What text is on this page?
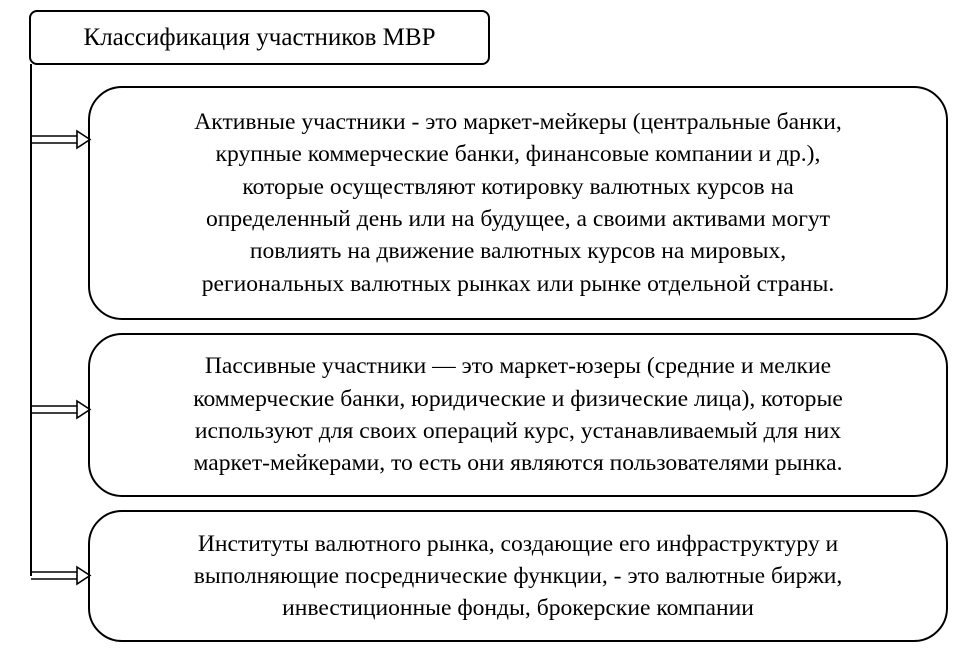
Классификация участников МВР
Активные участники - это маркет-мейкеры (центральные банки,
крупные коммерческие банки, финансовые компании и др.),
которые осуществляют котировку валютных курсов на
определенный день или на будущее, а своими активами могут
повлиять на движение валютных курсов на мировых,
региональных валютных рынках или рынке отдельной страны.
Пассивные участники — это маркет-юзеры (средние и мелкие
коммерческие банки, юридические и физические лица), которые
используют для своих операций курс, устанавливаемый для них
маркет-мейкерами, то есть они являются пользователями рынка.
Институты валютного рынка, создающие его инфраструктуру и
выполняющие посреднические функции, - это валютные биржи,
инвестиционные фонды, брокерские компании
